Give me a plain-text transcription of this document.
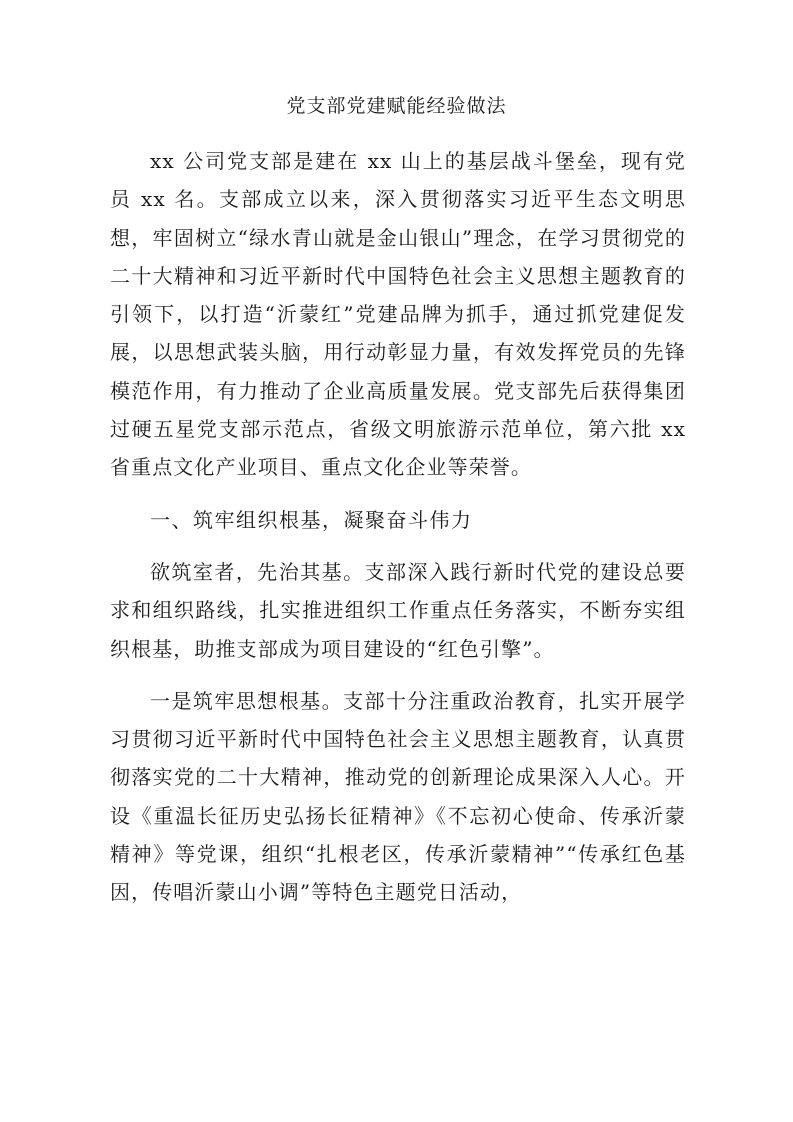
党支部党建赋能经验做法

xx 公司党支部是建在 xx 山上的基层战斗堡垒，现有党员 xx 名。支部成立以来，深入贯彻落实习近平生态文明思想，牢固树立“绿水青山就是金山银山”理念，在学习贯彻党的二十大精神和习近平新时代中国特色社会主义思想主题教育的引领下，以打造“沂蒙红”党建品牌为抓手，通过抓党建促发展，以思想武装头脑，用行动彰显力量，有效发挥党员的先锋模范作用，有力推动了企业高质量发展。党支部先后获得集团过硬五星党支部示范点，省级文明旅游示范单位，第六批 xx 省重点文化产业项目、重点文化企业等荣誉。

一、筑牢组织根基，凝聚奋斗伟力

欲筑室者，先治其基。支部深入践行新时代党的建设总要求和组织路线，扎实推进组织工作重点任务落实，不断夯实组织根基，助推支部成为项目建设的“红色引擎”。

一是筑牢思想根基。支部十分注重政治教育，扎实开展学习贯彻习近平新时代中国特色社会主义思想主题教育，认真贯彻落实党的二十大精神，推动党的创新理论成果深入人心。开设《重温长征历史弘扬长征精神》《不忘初心使命、传承沂蒙精神》等党课，组织“扎根老区，传承沂蒙精神”“传承红色基因，传唱沂蒙山小调”等特色主题党日活动，
